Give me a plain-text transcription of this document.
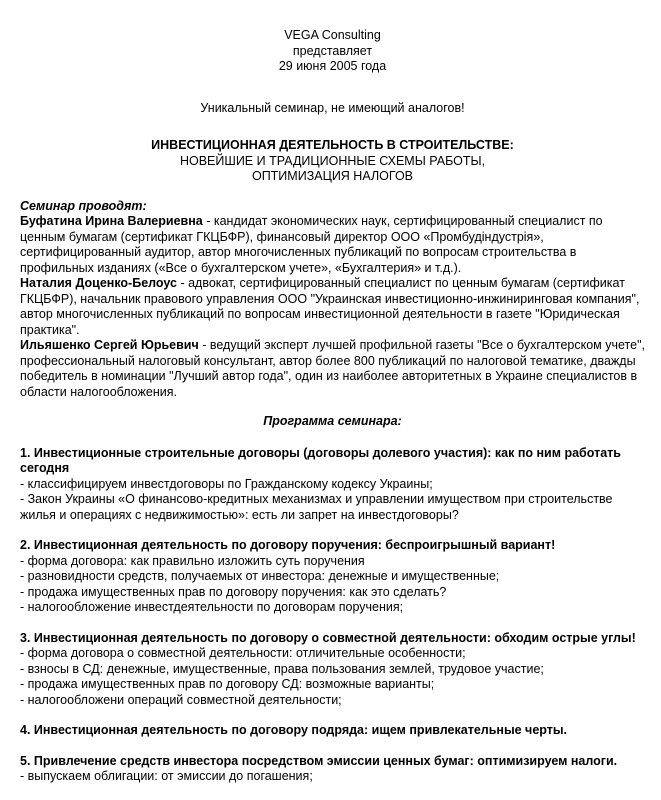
VEGA Consulting

представляет

29 июня 2005 года

Уникальный семинар, не имеющий аналогов!

ИНВЕСТИЦИОННАЯ ДЕЯТЕЛЬНОСТЬ В СТРОИТЕЛЬСТВЕ:

НОВЕЙШИЕ И ТРАДИЦИОННЫЕ СХЕМЫ РАБОТЫ,

ОПТИМИЗАЦИЯ НАЛОГОВ

Семинар проводят:

Буфатина Ирина Валериевна - кандидат экономических наук, сертифицированный специалист по ценным бумагам (сертификат ГКЦБФР), финансовый директор ООО «Промбудіндустрія», сертифицированный аудитор, автор многочисленных публикаций по вопросам строительства в профильных изданиях («Все о бухгалтерском учете», «Бухгалтерия» и т.д.).

Наталия Доценко-Белоус - адвокат, сертифицированный специалист по ценным бумагам (сертификат ГКЦБФР), начальник правового управления ООО "Украинская инвестиционно-инжиниринговая компания", автор многочисленных публикаций по вопросам инвестиционной деятельности в газете "Юридическая практика".

Ильяшенко Сергей Юрьевич - ведущий эксперт лучшей профильной газеты "Все о бухгалтерском учете", профессиональный налоговый консультант, автор более 800 публикаций по налоговой тематике, дважды победитель в номинации "Лучший автор года", один из наиболее авторитетных в Украине специалистов в области налогообложения.

Программа семинара:

1. Инвестиционные строительные договоры (договоры долевого участия): как по ним работать сегодня

- классифицируем инвестдоговоры по Гражданскому кодексу Украины;

- Закон Украины «О финансово-кредитных механизмах и управлении имуществом при строительстве жилья и операциях с недвижимостью»: есть ли запрет на инвестдоговоры?

2. Инвестиционная деятельность по договору поручения: беспроигрышный вариант!

- форма договора: как правильно изложить суть поручения

- разновидности средств, получаемых от инвестора: денежные и имущественные;

- продажа имущественных прав по договору поручения: как это сделать?

- налогообложение инвестдеятельности по договорам поручения;

3. Инвестиционная деятельность по договору о совместной деятельности: обходим острые углы!

- форма договора о совместной деятельности: отличительные особенности;

- взносы в СД: денежные, имущественные, права пользования землей, трудовое участие;

- продажа имущественных прав по договору СД: возможные варианты;

- налогообложени операций совместной деятельности;

4. Инвестиционная деятельность по договору подряда: ищем привлекательные черты.

5. Привлечение средств инвестора посредством эмиссии ценных бумаг: оптимизируем налоги.

- выпускаем облигации: от эмиссии до погашения;
